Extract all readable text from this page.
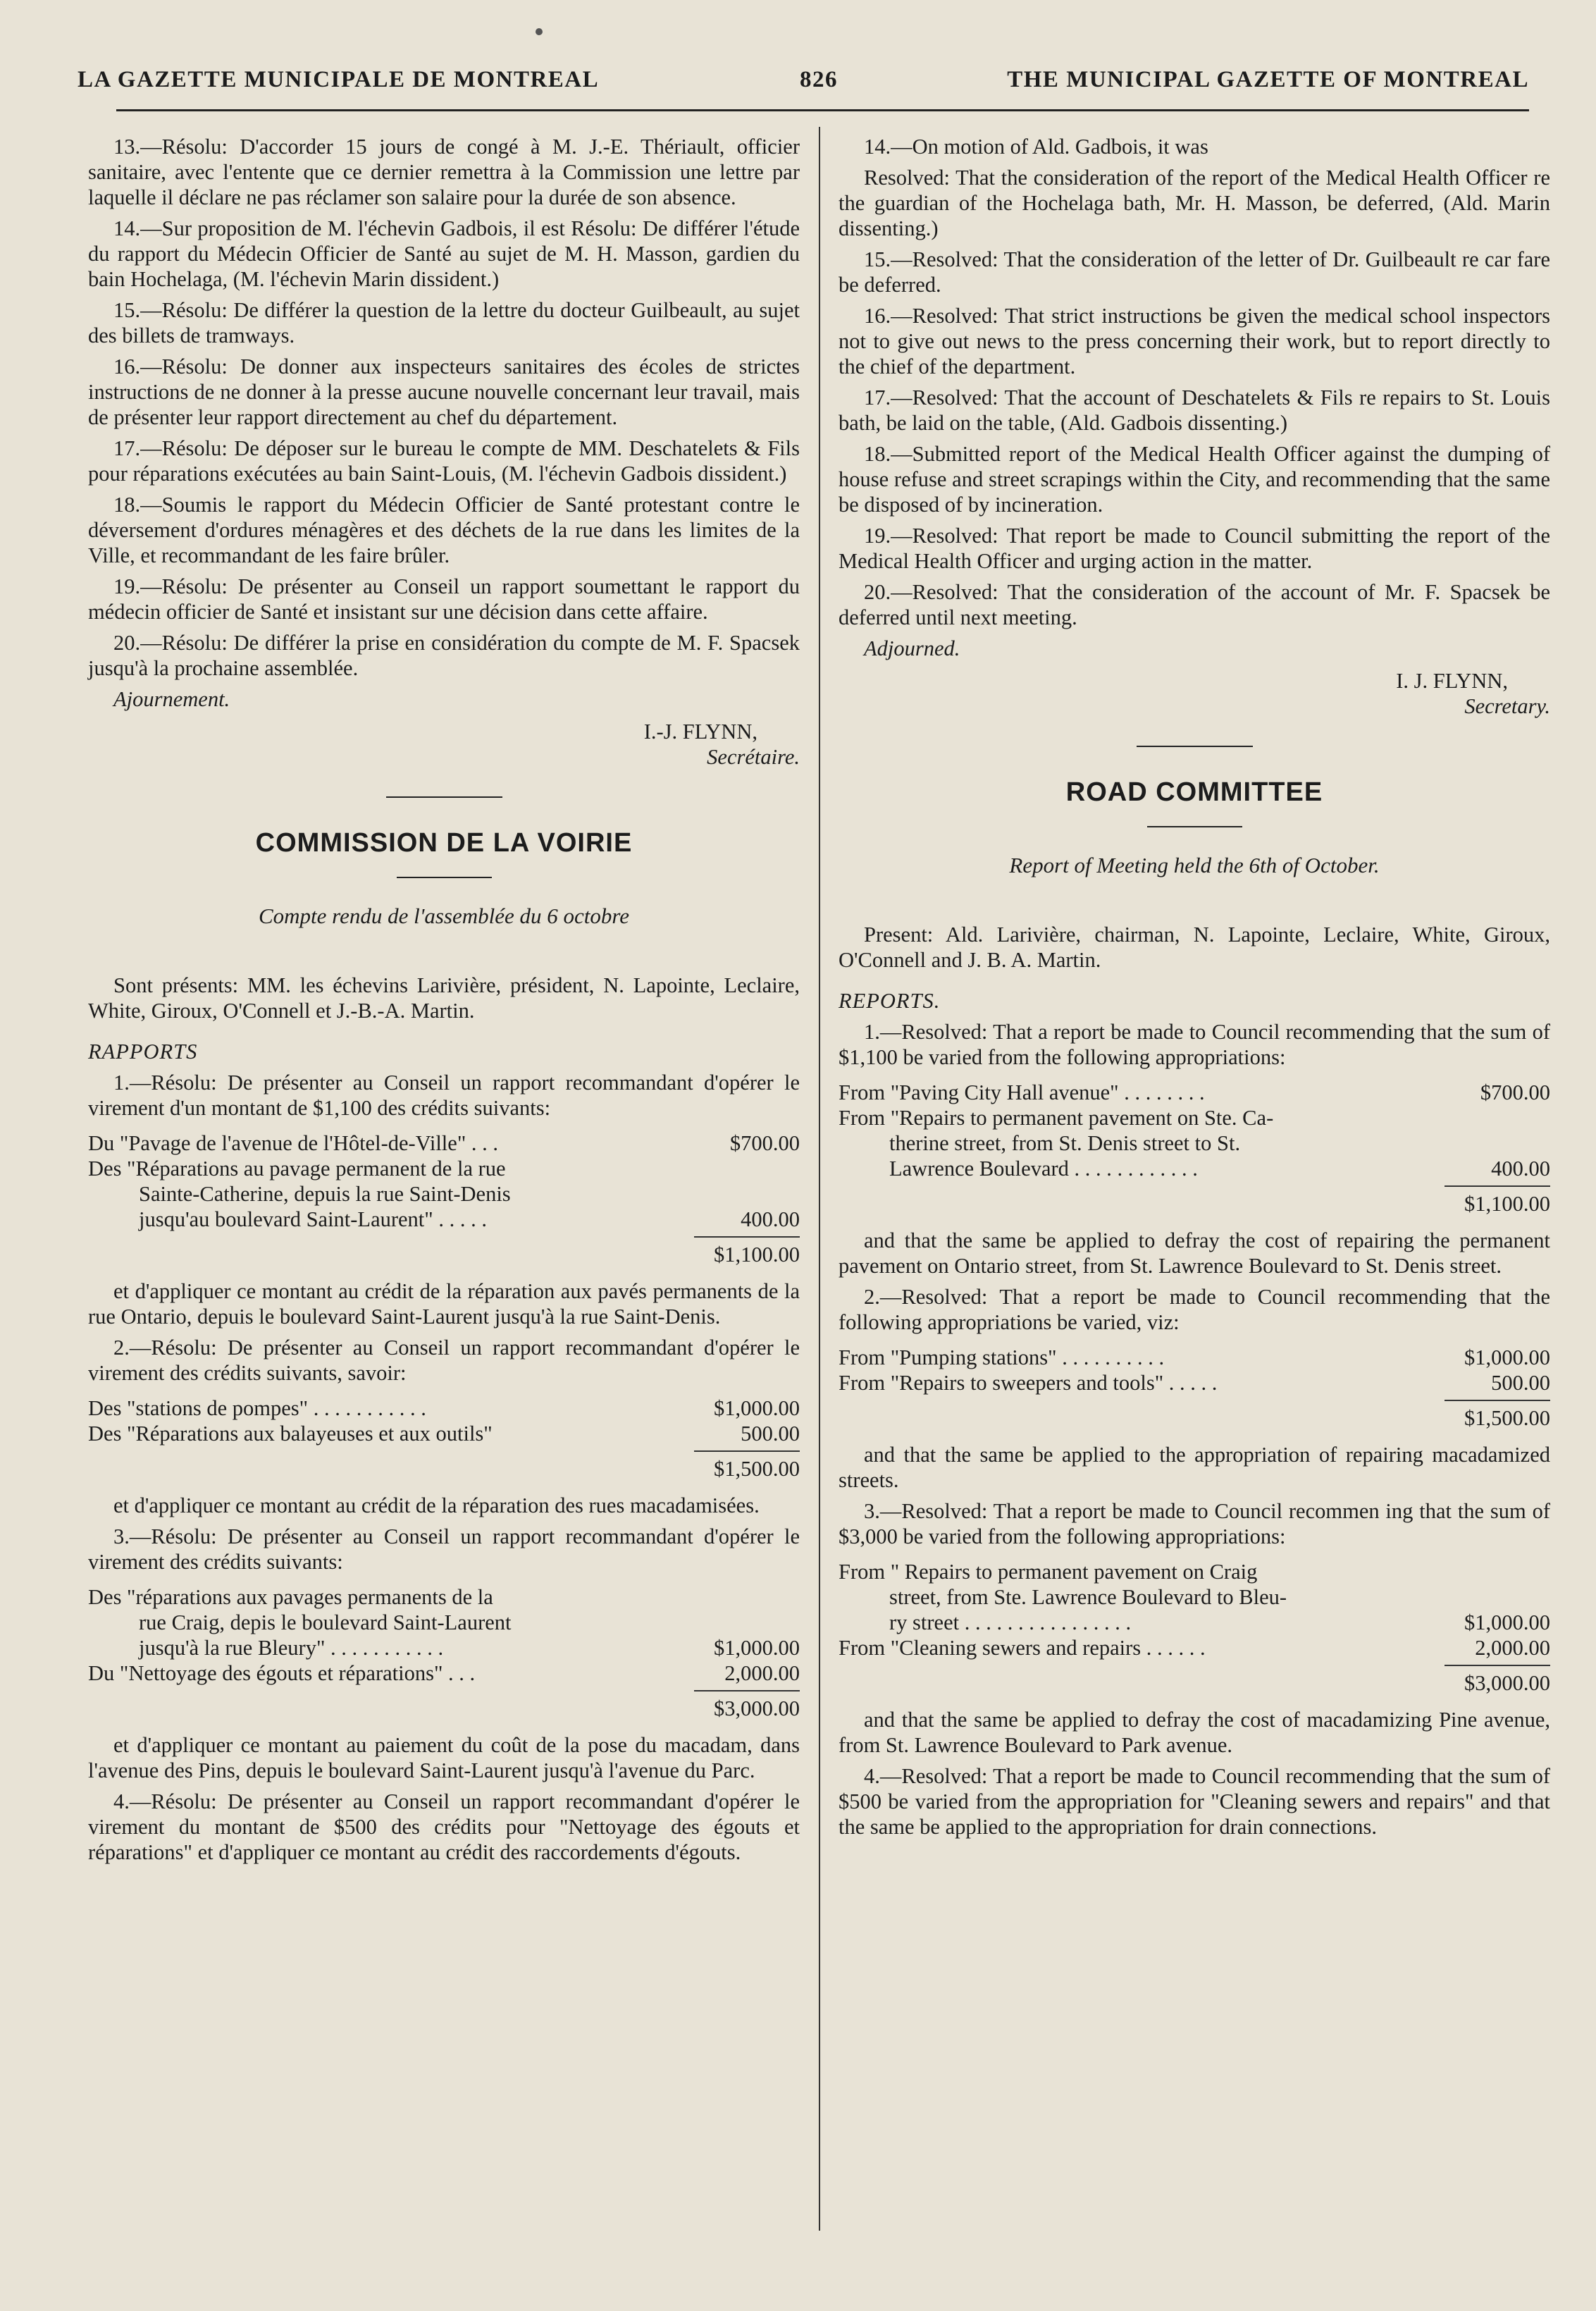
LA GAZETTE MUNICIPALE DE MONTREAL	826	THE MUNICIPAL GAZETTE OF MONTREAL

13.—Résolu: D'accorder 15 jours de congé à M. J.-E. Thériault, officier sanitaire, avec l'entente que ce dernier remettra à la Commission une lettre par laquelle il déclare ne pas réclamer son salaire pour la durée de son absence.

14.—Sur proposition de M. l'échevin Gadbois, il est Résolu: De différer l'étude du rapport du Médecin Officier de Santé au sujet de M. H. Masson, gardien du bain Hochelaga, (M. l'échevin Marin dissident.)

15.—Résolu: De différer la question de la lettre du docteur Guilbeault, au sujet des billets de tramways.

16.—Résolu: De donner aux inspecteurs sanitaires des écoles de strictes instructions de ne donner à la presse aucune nouvelle concernant leur travail, mais de présenter leur rapport directement au chef du département.

17.—Résolu: De déposer sur le bureau le compte de MM. Deschatelets & Fils pour réparations exécutées au bain Saint-Louis, (M. l'échevin Gadbois dissident.)

18.—Soumis le rapport du Médecin Officier de Santé protestant contre le déversement d'ordures ménagères et des déchets de la rue dans les limites de la Ville, et recommandant de les faire brûler.

19.—Résolu: De présenter au Conseil un rapport soumettant le rapport du médecin officier de Santé et insistant sur une décision dans cette affaire.

20.—Résolu: De différer la prise en considération du compte de M. F. Spacsek jusqu'à la prochaine assemblée.

Ajournement.

I.-J. FLYNN,
Secrétaire.
COMMISSION DE LA VOIRIE
Compte rendu de l'assemblée du 6 octobre

Sont présents: MM. les échevins Larivière, président, N. Lapointe, Leclaire, White, Giroux, O'Connell et J.-B.-A. Martin.

RAPPORTS

1.—Résolu: De présenter au Conseil un rapport recommandant d'opérer le virement d'un montant de $1,100 des crédits suivants:

Du "Pavage de l'avenue de l'Hôtel-de-Ville" . . .	$700.00
Des "Réparations au pavage permanent de la rue
Sainte-Catherine, depuis la rue Saint-Denis
jusqu'au boulevard Saint-Laurent" . . . . .	400.00
$1,100.00

et d'appliquer ce montant au crédit de la réparation aux pavés permanents de la rue Ontario, depuis le boulevard Saint-Laurent jusqu'à la rue Saint-Denis.

2.—Résolu: De présenter au Conseil un rapport recommandant d'opérer le virement des crédits suivants, savoir:

Des "stations de pompes" . . . . . . . . . . .	$1,000.00
Des "Réparations aux balayeuses et aux outils"	500.00
$1,500.00

et d'appliquer ce montant au crédit de la réparation des rues macadamisées.

3.—Résolu: De présenter au Conseil un rapport recommandant d'opérer le virement des crédits suivants:

Des "réparations aux pavages permanents de la
rue Craig, depis le boulevard Saint-Laurent
jusqu'à la rue Bleury" . . . . . . . . . . .	$1,000.00
Du "Nettoyage des égouts et réparations" . . .	2,000.00
$3,000.00

et d'appliquer ce montant au paiement du coût de la pose du macadam, dans l'avenue des Pins, depuis le boulevard Saint-Laurent jusqu'à l'avenue du Parc.

4.—Résolu: De présenter au Conseil un rapport recommandant d'opérer le virement du montant de $500 des crédits pour "Nettoyage des égouts et réparations" et d'appliquer ce montant au crédit des raccordements d'égouts.

14.—On motion of Ald. Gadbois, it was

Resolved: That the consideration of the report of the Medical Health Officer re the guardian of the Hochelaga bath, Mr. H. Masson, be deferred, (Ald. Marin dissenting.)

15.—Resolved: That the consideration of the letter of Dr. Guilbeault re car fare be deferred.

16.—Resolved: That strict instructions be given the medical school inspectors not to give out news to the press concerning their work, but to report directly to the chief of the department.

17.—Resolved: That the account of Deschatelets & Fils re repairs to St. Louis bath, be laid on the table, (Ald. Gadbois dissenting.)

18.—Submitted report of the Medical Health Officer against the dumping of house refuse and street scrapings within the City, and recommending that the same be disposed of by incineration.

19.—Resolved: That report be made to Council submitting the report of the Medical Health Officer and urging action in the matter.

20.—Resolved: That the consideration of the account of Mr. F. Spacsek be deferred until next meeting.

Adjourned.

I. J. FLYNN,
Secretary.
ROAD COMMITTEE
Report of Meeting held the 6th of October.

Present: Ald. Larivière, chairman, N. Lapointe, Leclaire, White, Giroux, O'Connell and J. B. A. Martin.

REPORTS.

1.—Resolved: That a report be made to Council recommending that the sum of $1,100 be varied from the following appropriations:

From "Paving City Hall avenue" . . . . . . . .	$700.00
From "Repairs to permanent pavement on Ste. Ca-
therine street, from St. Denis street to St.
Lawrence Boulevard . . . . . . . . . . . .	400.00
$1,100.00

and that the same be applied to defray the cost of repairing the permanent pavement on Ontario street, from St. Lawrence Boulevard to St. Denis street.

2.—Resolved: That a report be made to Council recommending that the following appropriations be varied, viz:

From "Pumping stations" . . . . . . . . . .	$1,000.00
From "Repairs to sweepers and tools" . . . . .	500.00
$1,500.00

and that the same be applied to the appropriation of repairing macadamized streets.

3.—Resolved: That a report be made to Council recommen ing that the sum of $3,000 be varied from the following appropriations:

From " Repairs to permanent pavement on Craig
street, from Ste. Lawrence Boulevard to Bleu-
ry street . . . . . . . . . . . . . . . .	$1,000.00
From "Cleaning sewers and repairs . . . . . .	2,000.00
$3,000.00

and that the same be applied to defray the cost of macadamizing Pine avenue, from St. Lawrence Boulevard to Park avenue.

4.—Resolved: That a report be made to Council recommending that the sum of $500 be varied from the appropriation for "Cleaning sewers and repairs" and that the same be applied to the appropriation for drain connections.
